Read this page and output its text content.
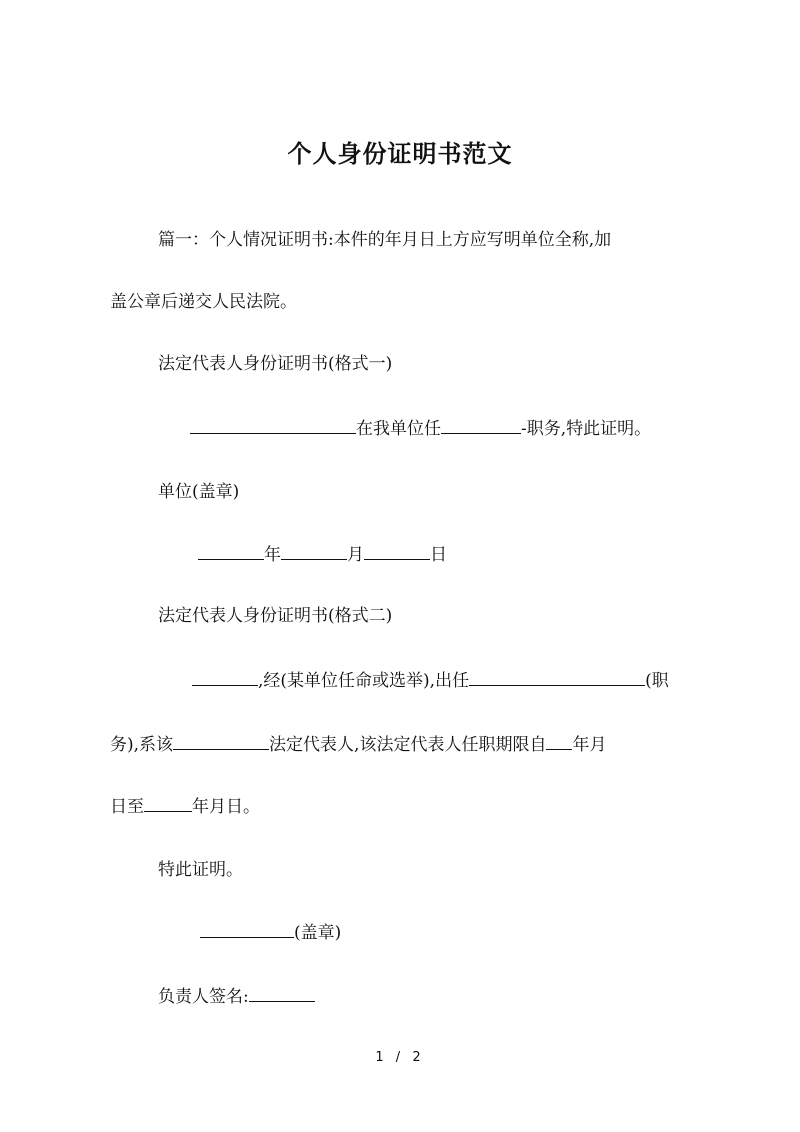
个人身份证明书范文
篇一：个人情况证明书:本件的年月日上方应写明单位全称,加
盖公章后递交人民法院。
法定代表人身份证明书(格式一)
在我单位任	-职务,特此证明。
单位(盖章)
年	月	日
法定代表人身份证明书(格式二)
,经(某单位任命或选举),出任	(职
务),系该	法定代表人,该法定代表人任职期限自 年月
日至	年月日。
特此证明。
(盖章)
负责人签名:
1 / 2
